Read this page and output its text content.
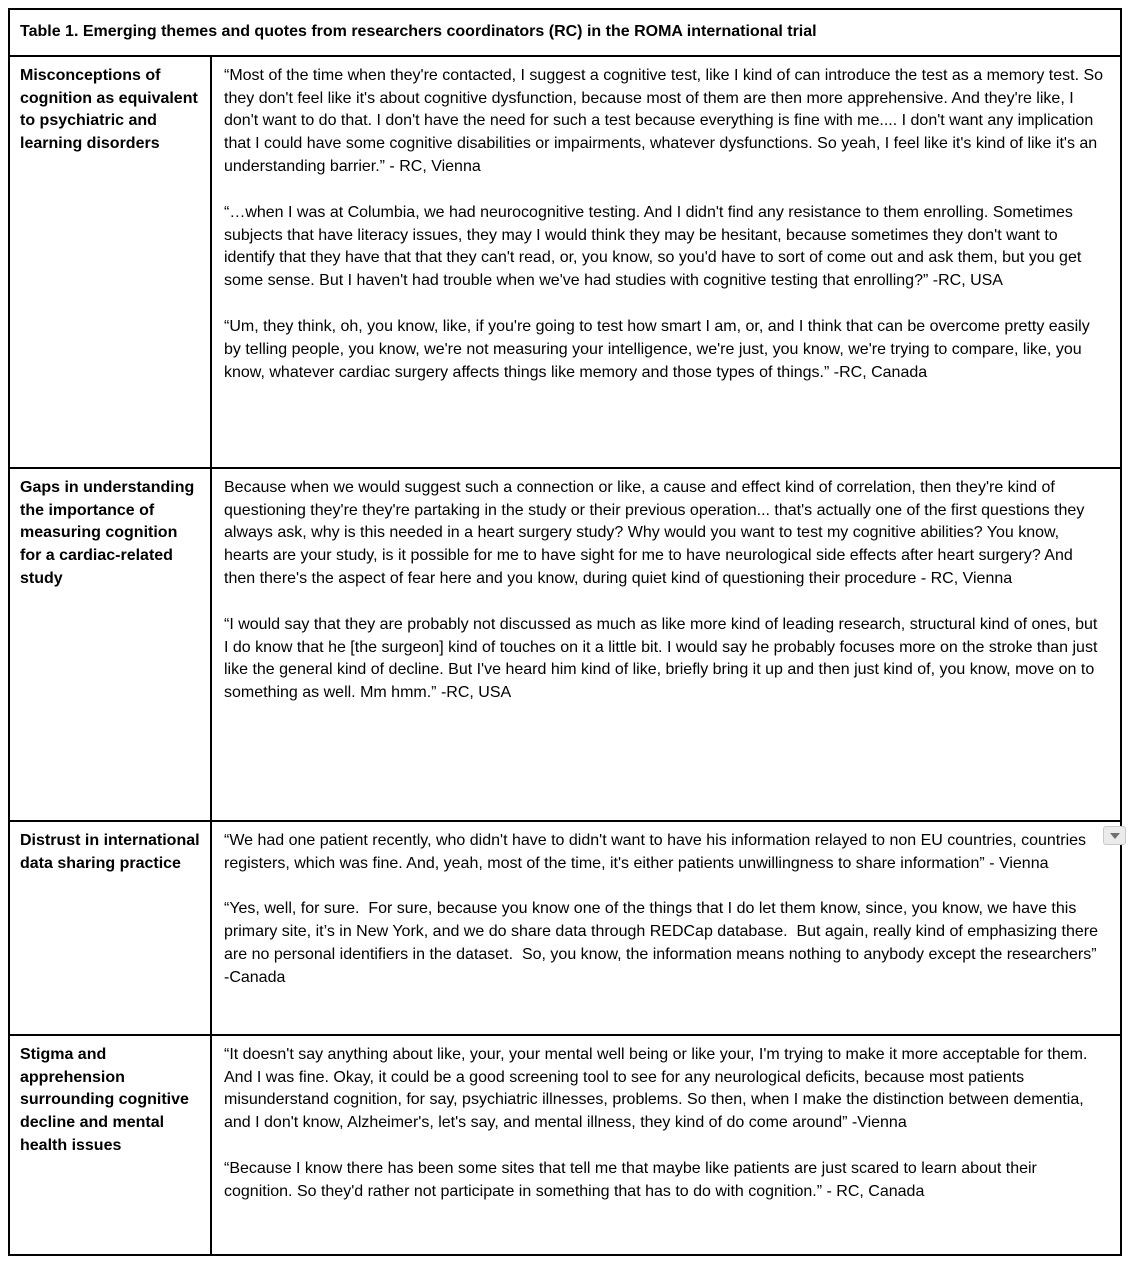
Table 1. Emerging themes and quotes from researchers coordinators (RC) in the ROMA international trial	
Misconceptions of cognition as equivalent to psychiatric and learning disorders	“Most of the time when they're contacted, I suggest a cognitive test, like I kind of can introduce the test as a memory test. So they don't feel like it's about cognitive dysfunction, because most of them are then more apprehensive. And they're like, I don't want to do that. I don't have the need for such a test because everything is fine with me.... I don't want any implication that I could have some cognitive disabilities or impairments, whatever dysfunctions. So yeah, I feel like it's kind of like it's an understanding barrier.” - RC, Vienna

“…when I was at Columbia, we had neurocognitive testing. And I didn't find any resistance to them enrolling. Sometimes subjects that have literacy issues, they may I would think they may be hesitant, because sometimes they don't want to identify that they have that that they can't read, or, you know, so you'd have to sort of come out and ask them, but you get some sense. But I haven't had trouble when we've had studies with cognitive testing that enrolling?” -RC, USA

“Um, they think, oh, you know, like, if you're going to test how smart I am, or, and I think that can be overcome pretty easily by telling people, you know, we're not measuring your intelligence, we're just, you know, we're trying to compare, like, you know, whatever cardiac surgery affects things like memory and those types of things.” -RC, Canada

Gaps in understanding the importance of measuring cognition for a cardiac-related study	Because when we would suggest such a connection or like, a cause and effect kind of correlation, then they're kind of questioning they're they're partaking in the study or their previous operation... that's actually one of the first questions they always ask, why is this needed in a heart surgery study? Why would you want to test my cognitive abilities? You know, hearts are your study, is it possible for me to have sight for me to have neurological side effects after heart surgery? And then there's the aspect of fear here and you know, during quiet kind of questioning their procedure - RC, Vienna

“I would say that they are probably not discussed as much as like more kind of leading research, structural kind of ones, but I do know that he [the surgeon] kind of touches on it a little bit. I would say he probably focuses more on the stroke than just like the general kind of decline. But I've heard him kind of like, briefly bring it up and then just kind of, you know, move on to something as well. Mm hmm.” -RC, USA

Distrust in international data sharing practice	“We had one patient recently, who didn't have to didn't want to have his information relayed to non EU countries, countries registers, which was fine. And, yeah, most of the time, it's either patients unwillingness to share information” - Vienna

“Yes, well, for sure.  For sure, because you know one of the things that I do let them know, since, you know, we have this primary site, it’s in New York, and we do share data through REDCap database.  But again, really kind of emphasizing there are no personal identifiers in the dataset.  So, you know, the information means nothing to anybody except the researchers” -Canada

Stigma and apprehension surrounding cognitive decline and mental health issues	“It doesn't say anything about like, your, your mental well being or like your, I'm trying to make it more acceptable for them. And I was fine. Okay, it could be a good screening tool to see for any neurological deficits, because most patients misunderstand cognition, for say, psychiatric illnesses, problems. So then, when I make the distinction between dementia, and I don't know, Alzheimer's, let's say, and mental illness, they kind of do come around” -Vienna

“Because I know there has been some sites that tell me that maybe like patients are just scared to learn about their cognition. So they'd rather not participate in something that has to do with cognition.” - RC, Canada
